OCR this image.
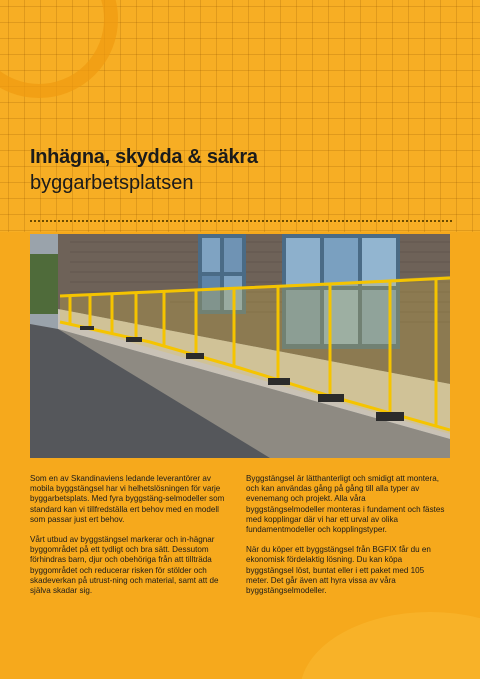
Inhägna, skydda & säkra
byggarbetsplatsen

Som en av Skandinaviens ledande leverantörer av mobila byggstängsel har vi helhetslösningen för varje byggarbetsplats. Med fyra byggstäng-selmodeller som standard kan vi tillfredställa ert behov med en modell som passar just ert behov.

Vårt utbud av byggstängsel markerar och in-hägnar byggområdet på ett tydligt och bra sätt. Dessutom förhindras barn, djur och obehöriga från att tillträda byggområdet och reducerar risken för stölder och skadeverkan på utrust-ning och material, samt att de själva skadar sig.

Byggstängsel är lätthanterligt och smidigt att montera, och kan användas gång på gång till alla typer av evenemang och projekt. Alla våra byggstängselmodeller monteras i fundament och fästes med kopplingar där vi har ett urval av olika fundamentmodeller och kopplingstyper.

När du köper ett byggstängsel från BGFIX får du en ekonomisk fördelaktig lösning. Du kan köpa byggstängsel löst, buntat eller i ett paket med 105 meter. Det går även att hyra vissa av våra byggstängselmodeller.
